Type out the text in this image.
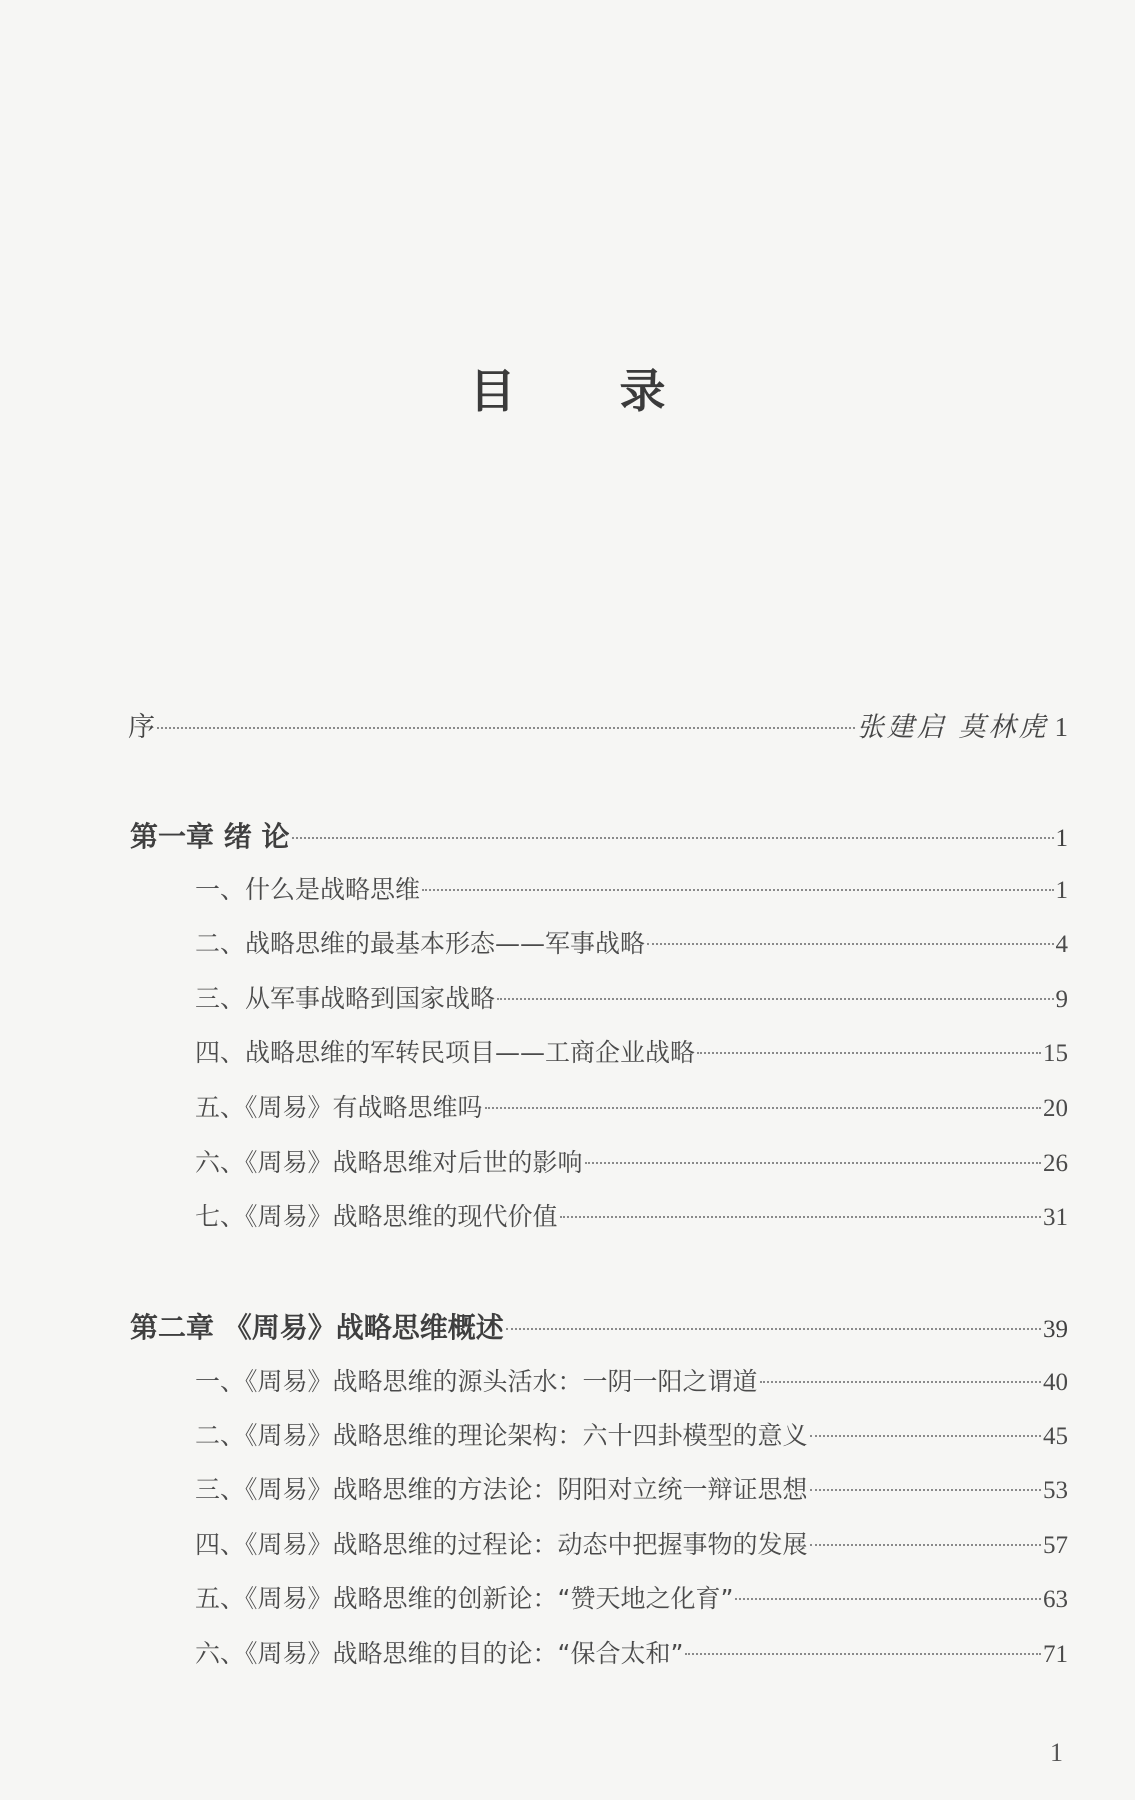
目 录
序	张建启 莫林虎 1
第一章 绪 论	1
一、什么是战略思维	1
二、战略思维的最基本形态——军事战略	4
三、从军事战略到国家战略	9
四、战略思维的军转民项目——工商企业战略	15
五、《周易》有战略思维吗	20
六、《周易》战略思维对后世的影响	26
七、《周易》战略思维的现代价值	31
第二章 《周易》战略思维概述	39
一、《周易》战略思维的源头活水：一阴一阳之谓道	40
二、《周易》战略思维的理论架构：六十四卦模型的意义	45
三、《周易》战略思维的方法论：阴阳对立统一辩证思想	53
四、《周易》战略思维的过程论：动态中把握事物的发展	57
五、《周易》战略思维的创新论：“赞天地之化育”	63
六、《周易》战略思维的目的论：“保合太和”	71
1
